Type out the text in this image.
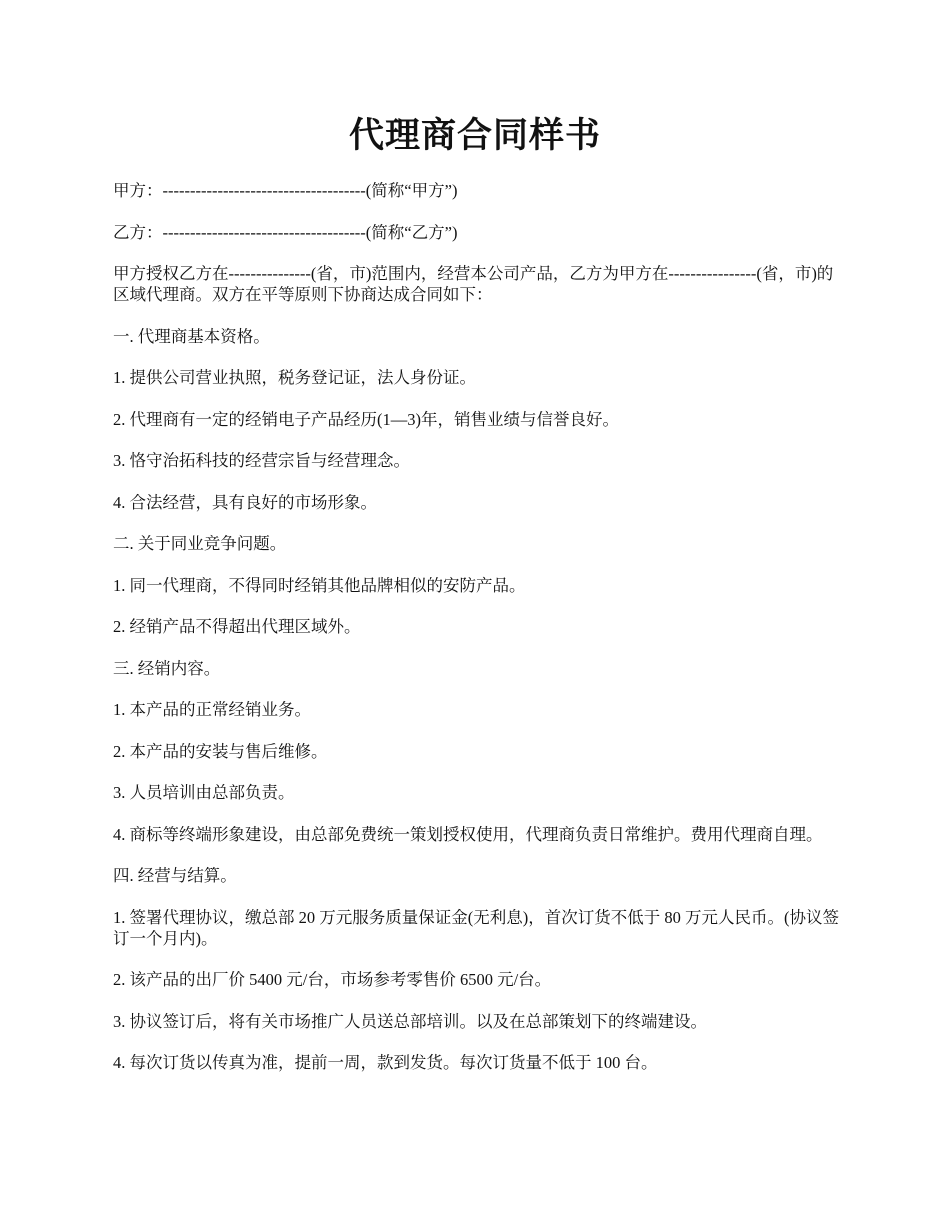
代理商合同样书

甲方：-------------------------------------(简称“甲方”)

乙方：-------------------------------------(简称“乙方”)

甲方授权乙方在---------------(省，市)范围内，经营本公司产品，乙方为甲方在----------------(省，市)的区域代理商。双方在平等原则下协商达成合同如下：

一. 代理商基本资格。

1. 提供公司营业执照，税务登记证，法人身份证。

2. 代理商有一定的经销电子产品经历(1—3)年，销售业绩与信誉良好。

3. 恪守治拓科技的经营宗旨与经营理念。

4. 合法经营，具有良好的市场形象。

二. 关于同业竞争问题。

1. 同一代理商，不得同时经销其他品牌相似的安防产品。

2. 经销产品不得超出代理区域外。

三. 经销内容。

1. 本产品的正常经销业务。

2. 本产品的安装与售后维修。

3. 人员培训由总部负责。

4. 商标等终端形象建设，由总部免费统一策划授权使用，代理商负责日常维护。费用代理商自理。

四. 经营与结算。

1. 签署代理协议，缴总部 20 万元服务质量保证金(无利息)，首次订货不低于 80 万元人民币。(协议签订一个月内)。

2. 该产品的出厂价 5400 元/台，市场参考零售价 6500 元/台。

3. 协议签订后，将有关市场推广人员送总部培训。以及在总部策划下的终端建设。

4. 每次订货以传真为准，提前一周，款到发货。每次订货量不低于 100 台。
